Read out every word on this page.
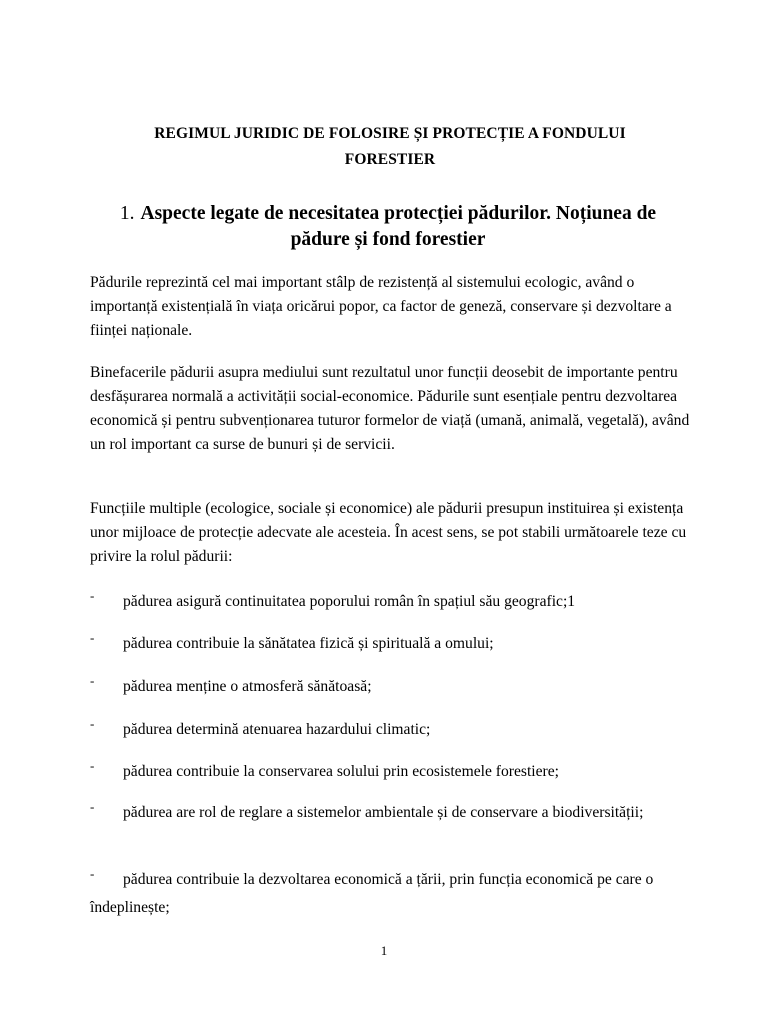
REGIMUL JURIDIC DE FOLOSIRE ȘI PROTECȚIE A FONDULUI FORESTIER
1. Aspecte legate de necesitatea protecției pădurilor. Noțiunea de pădure și fond forestier

Pădurile reprezintă cel mai important stâlp de rezistență al sistemului ecologic, având o importanță existențială în viața oricărui popor, ca factor de geneză, conservare și dezvoltare a ființei naționale.

Binefacerile pădurii asupra mediului sunt rezultatul unor funcții deosebit de importante pentru desfășurarea normală a activității social-economice. Pădurile sunt esențiale pentru dezvoltarea economică și pentru subvenționarea tuturor formelor de viață (umană, animală, vegetală), având un rol important ca surse de bunuri și de servicii.

Funcțiile multiple (ecologice, sociale și economice) ale pădurii presupun instituirea și existența unor mijloace de protecție adecvate ale acesteia. În acest sens, se pot stabili următoarele teze cu privire la rolul pădurii:

-	pădurea asigură continuitatea poporului român în spațiul său geografic;1
-	pădurea contribuie la sănătatea fizică și spirituală a omului;
-	pădurea menține o atmosferă sănătoasă;
-	pădurea determină atenuarea hazardului climatic;
-	pădurea contribuie la conservarea solului prin ecosistemele forestiere;
-	pădurea are rol de reglare a sistemelor ambientale și de conservare a biodiversității;
-	pădurea contribuie la dezvoltarea economică a țării, prin funcția economică pe care o îndeplinește;
1
